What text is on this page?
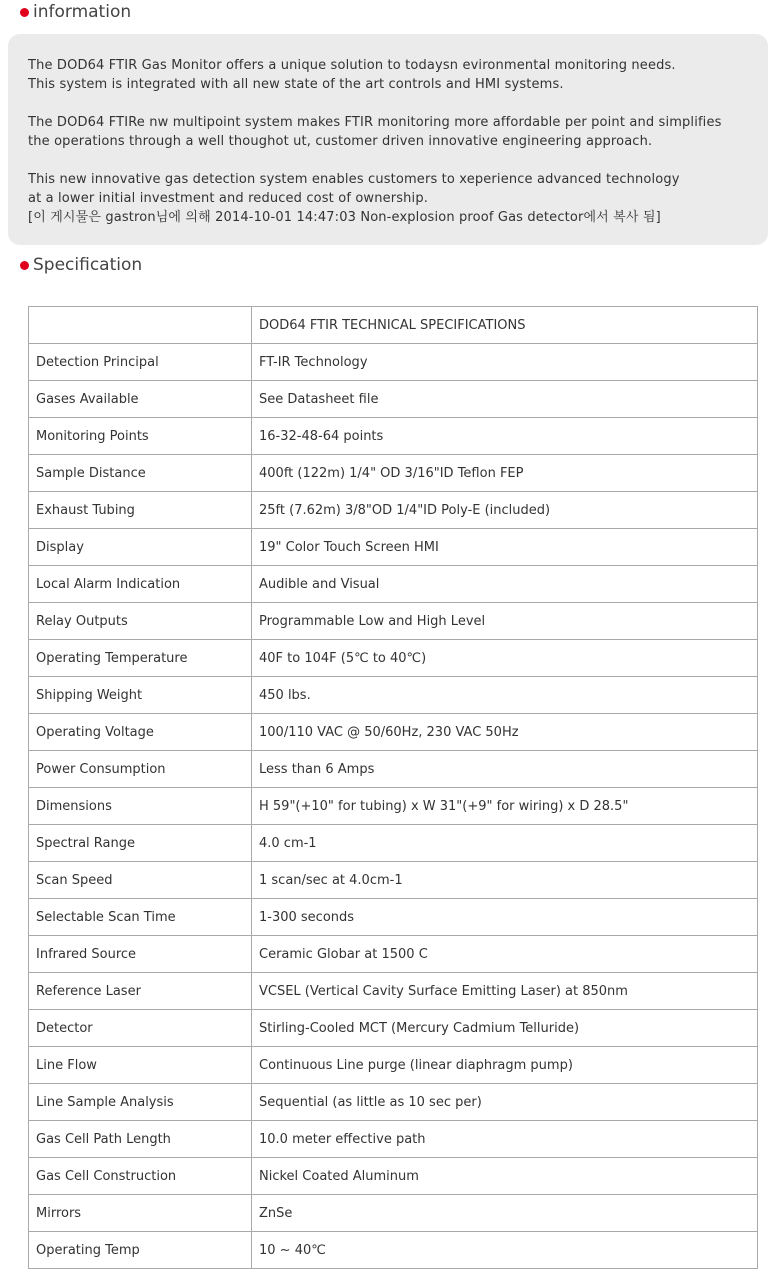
information

The DOD64 FTIR Gas Monitor offers a unique solution to todaysn evironmental monitoring needs.
This system is integrated with all new state of the art controls and HMI systems.

The DOD64 FTIRe nw multipoint system makes FTIR monitoring more affordable per point and simplifies
the operations through a well thoughot ut, customer driven innovative engineering approach.

This new innovative gas detection system enables customers to xeperience advanced technology
at a lower initial investment and reduced cost of ownership.
[이 게시물은 gastron님에 의해 2014-10-01 14:47:03 Non-explosion proof Gas detector에서 복사 됨]

Specification
	DOD64 FTIR TECHNICAL SPECIFICATIONS
Detection Principal	FT-IR Technology
Gases Available	See Datasheet file
Monitoring Points	16-32-48-64 points
Sample Distance	400ft (122m) 1/4" OD 3/16"ID Teflon FEP
Exhaust Tubing	25ft (7.62m) 3/8"OD 1/4"ID Poly-E (included)
Display	19" Color Touch Screen HMI
Local Alarm Indication	Audible and Visual
Relay Outputs	Programmable Low and High Level
Operating Temperature	40F to 104F (5℃ to 40℃)
Shipping Weight	450 lbs.
Operating Voltage	100/110 VAC @ 50/60Hz, 230 VAC 50Hz
Power Consumption	Less than 6 Amps
Dimensions	H 59"(+10" for tubing) x W 31"(+9" for wiring) x D 28.5"
Spectral Range	4.0 cm-1
Scan Speed	1 scan/sec at 4.0cm-1
Selectable Scan Time	1-300 seconds
Infrared Source	Ceramic Globar at 1500 C
Reference Laser	VCSEL (Vertical Cavity Surface Emitting Laser) at 850nm
Detector	Stirling-Cooled MCT (Mercury Cadmium Telluride)
Line Flow	Continuous Line purge (linear diaphragm pump)
Line Sample Analysis	Sequential (as little as 10 sec per)
Gas Cell Path Length	10.0 meter effective path
Gas Cell Construction	Nickel Coated Aluminum
Mirrors	ZnSe
Operating Temp	10 ~ 40℃
